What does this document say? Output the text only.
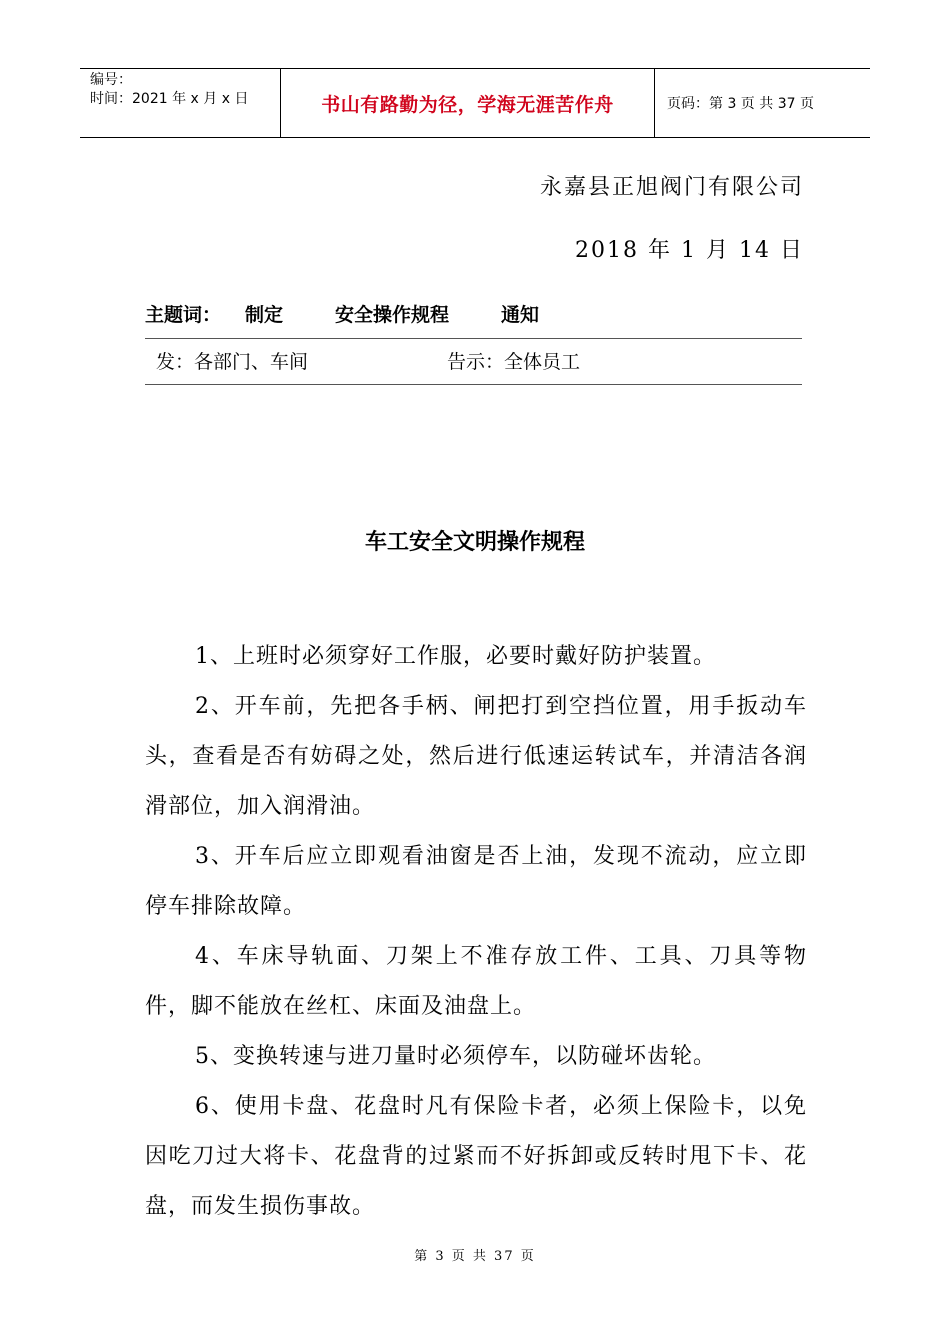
编号：
时间：2021 年 x 月 x 日	书山有路勤为径，学海无涯苦作舟	页码：第 3 页 共 37 页
永嘉县正旭阀门有限公司
2018 年 1 月 14 日
主题词： 制定	安全操作规程	通知
发：各部门、车间	告示：全体员工
车工安全文明操作规程

1、上班时必须穿好工作服，必要时戴好防护装置。

2、开车前，先把各手柄、闸把打到空挡位置，用手扳动车头，查看是否有妨碍之处，然后进行低速运转试车，并清洁各润滑部位，加入润滑油。

3、开车后应立即观看油窗是否上油，发现不流动，应立即停车排除故障。

4、车床导轨面、刀架上不准存放工件、工具、刀具等物件，脚不能放在丝杠、床面及油盘上。

5、变换转速与进刀量时必须停车，以防碰坏齿轮。

6、使用卡盘、花盘时凡有保险卡者，必须上保险卡，以免因吃刀过大将卡、花盘背的过紧而不好拆卸或反转时甩下卡、花盘，而发生损伤事故。

第 3 页 共 37 页
